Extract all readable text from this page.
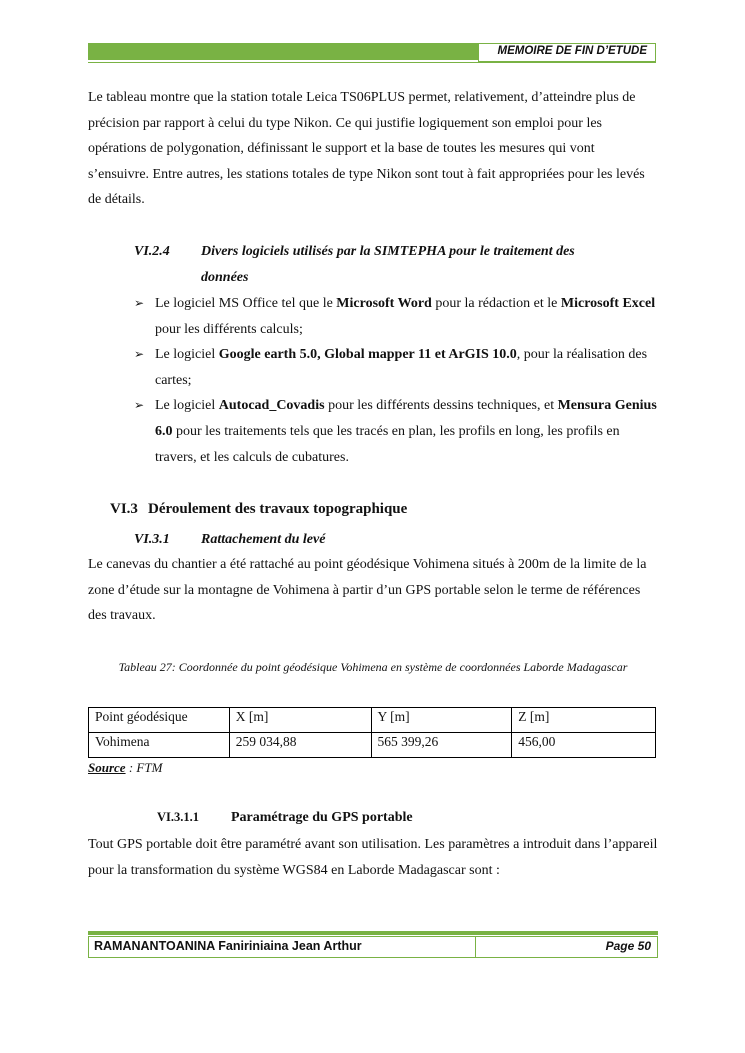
MEMOIRE DE FIN D’ETUDE

Le tableau montre que la station totale Leica TS06PLUS permet, relativement, d’atteindre plus de précision par rapport à celui du type Nikon. Ce qui justifie logiquement son emploi pour les opérations de polygonation, définissant le support et la base de toutes les mesures qui vont s’ensuivre. Entre autres, les stations totales de type Nikon sont tout à fait appropriées pour les levés de détails.

VI.2.4 Divers logiciels utilisés par la SIMTEPHA pour le traitement des données
➢ Le logiciel MS Office tel que le Microsoft Word pour la rédaction et le Microsoft Excel pour les différents calculs;
➢ Le logiciel Google earth 5.0, Global mapper 11 et ArGIS 10.0, pour la réalisation des cartes;
➢ Le logiciel Autocad_Covadis pour les différents dessins techniques, et Mensura Genius 6.0 pour les traitements tels que les tracés en plan, les profils en long, les profils en travers, et les calculs de cubatures.
VI.3 Déroulement des travaux topographique
VI.3.1 Rattachement du levé

Le canevas du chantier a été rattaché au point géodésique Vohimena situés à 200m de la limite de la zone d’étude sur la montagne de Vohimena à partir d’un GPS portable selon le terme de références des travaux.

Tableau 27: Coordonnée du point géodésique Vohimena en système de coordonnées Laborde Madagascar
Point géodésique	X [m]	Y [m]	Z [m]
Vohimena	259 034,88	565 399,26	456,00
Source : FTM
VI.3.1.1 Paramétrage du GPS portable

Tout GPS portable doit être paramétré avant son utilisation. Les paramètres a introduit dans l’appareil pour la transformation du système WGS84 en Laborde Madagascar sont :

RAMANANTOANINA Faniriniaina Jean Arthur	Page 50
